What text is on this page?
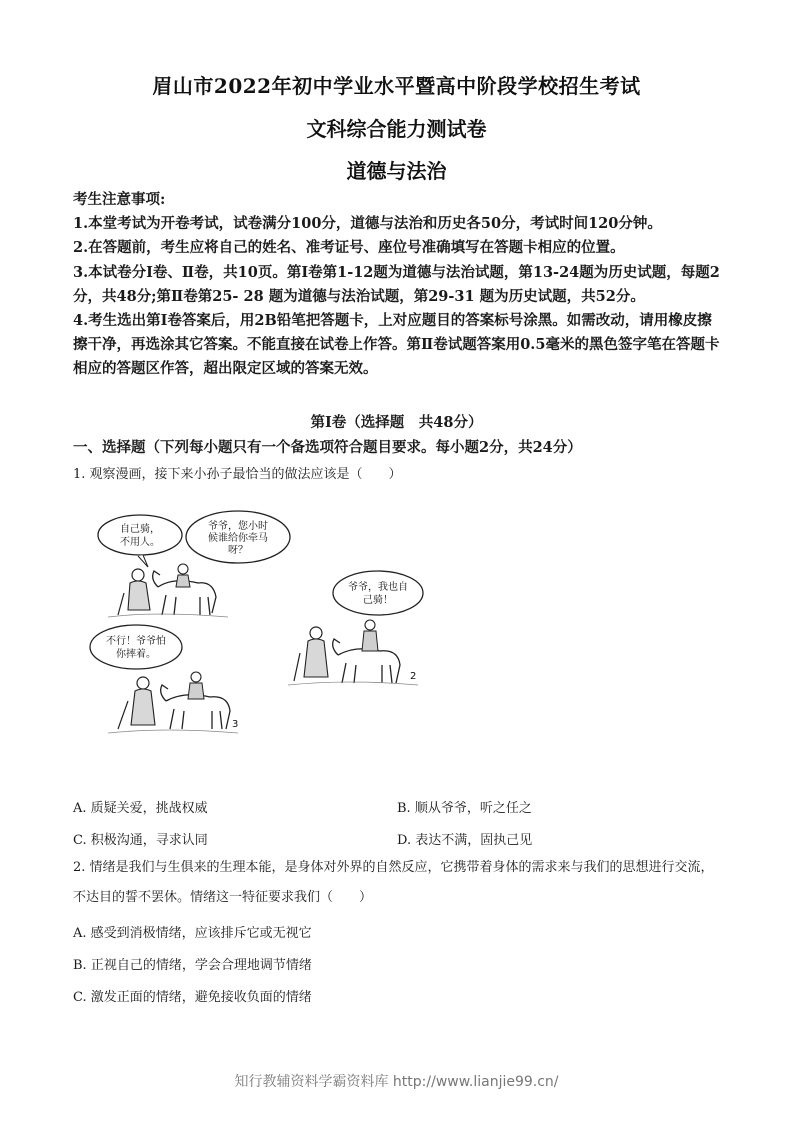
眉山市2022年初中学业水平暨高中阶段学校招生考试
文科综合能力测试卷
道德与法治

考生注意事项:

1.本堂考试为开卷考试，试卷满分100分，道德与法治和历史各50分，考试时间120分钟。

2.在答题前，考生应将自己的姓名、准考证号、座位号准确填写在答题卡相应的位置。

3.本试卷分Ⅰ卷、Ⅱ卷，共10页。第Ⅰ卷第1-12题为道德与法治试题，第13-24题为历史试题，每题2分，共48分;第Ⅱ卷第25- 28 题为道德与法治试题，第29-31 题为历史试题，共52分。

4.考生选出第Ⅰ卷答案后，用2B铅笔把答题卡，上对应题目的答案标号涂黑。如需改动，请用橡皮擦擦干净，再选涂其它答案。不能直接在试卷上作答。第Ⅱ卷试题答案用0.5毫米的黑色签字笔在答题卡相应的答题区作答，超出限定区域的答案无效。

第Ⅰ卷（选择题　共48分）
一、选择题（下列每小题只有一个备选项符合题目要求。每小题2分，共24分）
1. 观察漫画，接下来小孙子最恰当的做法应该是（　　）
自己骑，
不用人。
爷爷，您小时
候谁给你牵马
呀？
爷爷，我也自
己骑！
2
不行！爷爷怕
你摔着。
3
A. 质疑关爱，挑战权威	B. 顺从爷爷，听之任之
C. 积极沟通，寻求认同	D. 表达不满，固执己见
2. 情绪是我们与生俱来的生理本能，是身体对外界的自然反应，它携带着身体的需求来与我们的思想进行交流，不达目的誓不罢休。情绪这一特征要求我们（　　）
A. 感受到消极情绪，应该排斥它或无视它
B. 正视自己的情绪，学会合理地调节情绪
C. 激发正面的情绪，避免接收负面的情绪
知行教辅资料学霸资料库 http://www.lianjie99.cn/
